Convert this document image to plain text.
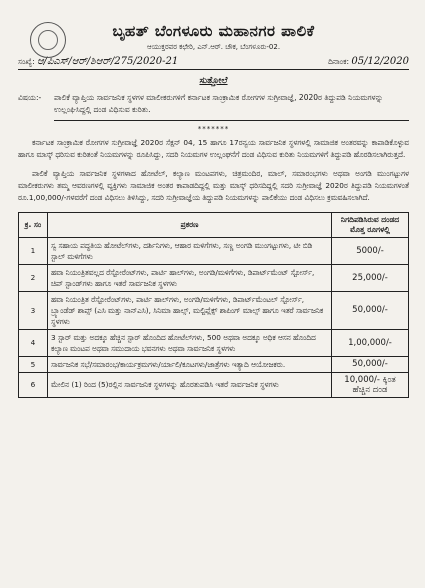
ಬೃಹತ್ ಬೆಂಗಳೂರು ಮಹಾನಗರ ಪಾಲಿಕೆ
ಆಯುಕ್ತರವರ ಕಛೇರಿ, ಎನ್.ಆರ್. ಚೌಕ, ಬೆಂಗಳೂರು-02.
ಸಂಖ್ಯೆ: ಆ/ಪಿಎಸ್/ಆರ್/ಶಿಆರ್/275/2020-21	ದಿನಾಂಕ: 05/12/2020
ಸುತ್ತೋಲೆ
ವಿಷಯ:-	ಪಾಲಿಕೆ ವ್ಯಾಪ್ತಿಯ ಸಾರ್ವಜನಿಕ ಸ್ಥಳಗಳ ಮಾಲೀಕರುಗಳಿಗೆ ಕರ್ನಾಟಕ ಸಾಂಕ್ರಾಮಿಕ ರೋಗಗಳ ಸುಗ್ರೀವಾಜ್ಞೆ, 2020ರ ತಿದ್ದುಪಡಿ ನಿಯಮಗಳನ್ನು ಉಲ್ಲಂಘಿಸಿದ್ದಲ್ಲಿ ದಂಡ ವಿಧಿಸುವ ಕುರಿತು.
*******

ಕರ್ನಾಟಕ ಸಾಂಕ್ರಾಮಿಕ ರೋಗಗಳ ಸುಗ್ರೀವಾಜ್ಞೆ 2020ರ ಸೆಕ್ಷನ್ 04, 15 ಹಾಗೂ 17ರನ್ವಯ ಸಾರ್ವಜನಿಕ ಸ್ಥಳಗಳಲ್ಲಿ ಸಾಮಾಜಿಕ ಅಂತರವನ್ನು ಕಾಪಾಡಿಕೊಳ್ಳುವ ಹಾಗೂ ಮಾಸ್ಕ್ ಧರಿಸುವ ಕುರಿತಂತೆ ನಿಯಮಗಳನ್ನು ರೂಪಿಸಿದ್ದು, ಸದರಿ ನಿಯಮಗಳ ಉಲ್ಲಂಘನೆಗೆ ದಂಡ ವಿಧಿಸುವ ಕುರಿತು ನಿಯಮಗಳಿಗೆ ತಿದ್ದುಪಡಿ ಹೊರಡಿಸಲಾಗಿರುತ್ತದೆ.

ಪಾಲಿಕೆ ವ್ಯಾಪ್ತಿಯ ಸಾರ್ವಜನಿಕ ಸ್ಥಳಗಳಾದ ಹೋಟೆಲ್, ಕಲ್ಯಾಣ ಮಂಟಪಗಳು, ಚಿತ್ರಮಂದಿರ, ಮಾಲ್, ಸಮಾರಂಭಗಳು ಅಥವಾ ಅಂಗಡಿ ಮುಂಗಟ್ಟುಗಳ ಮಾಲೀಕರುಗಳು ತಮ್ಮ ಆವರಣಗಳಲ್ಲಿ ವ್ಯಕ್ತಿಗಳು ಸಾಮಾಜಿಕ ಅಂತರ ಕಾಪಾಡದಿದ್ದಲ್ಲಿ ಮತ್ತು ಮಾಸ್ಕ್ ಧರಿಸದಿದ್ದಲ್ಲಿ ಸದರಿ ಸುಗ್ರೀವಾಜ್ಞೆ 2020ರ ತಿದ್ದುಪಡಿ ನಿಯಮಗಳಂತೆ ರೂ.1,00,000/-ಗಳವರೆಗೆ ದಂಡ ವಿಧಿಸಲು ತಿಳಿಸಿದ್ದು, ಸದರಿ ಸುಗ್ರೀವಾಜ್ಞೆಯ ತಿದ್ದುಪಡಿ ನಿಯಮಗಳನ್ನು ಪಾಲಿಕೆಯು ದಂಡ ವಿಧಿಸಲು ಕ್ರಮವಹಿಸಲಾಗಿದೆ.

ಕ್ರ. ಸಂ	ಪ್ರಕರಣ	ನಿಗದಿಪಡಿಸಿರುವ ದಂಡದ ಮೊತ್ತ ರೂಗಳಲ್ಲಿ
1	ಸ್ವ ಸಹಾಯ ಪದ್ಧತಿಯ ಹೋಟೆಲ್‌ಗಳು, ದರ್ಶಿನಿಗಳು, ಆಹಾರ ಮಳಿಗೆಗಳು, ಸಣ್ಣ ಅಂಗಡಿ ಮುಂಗಟ್ಟುಗಳು, ಟೀ ಬಿಡಿ ಸ್ಟಾಲ್ ಮಳಿಗೆಗಳು	5000/-
2	ಹವಾ ನಿಯಂತ್ರಿತವಲ್ಲದ ರೆಸ್ಟೋರೆಂಟ್‌ಗಳು, ಪಾರ್ಟಿ ಹಾಲ್‌ಗಳು, ಅಂಗಡಿ/ಮಳಿಗೆಗಳು, ಡಿಪಾರ್ಟ್‌ಮೆಂಟ್ ಸ್ಟೋರ್ಸ್, ಚಿಪ್ ಸ್ಟಾಂಡ್‌ಗಳು ಹಾಗೂ ಇತರೆ ಸಾರ್ವಜನಿಕ ಸ್ಥಳಗಳು	25,000/-
3	ಹವಾ ನಿಯಂತ್ರಿತ ರೆಸ್ಟೋರೆಂಟ್‌ಗಳು, ಪಾರ್ಟಿ ಹಾಲ್‌ಗಳು, ಅಂಗಡಿ/ಮಳಿಗೆಗಳು, ಡಿಪಾರ್ಟ್‌ಮೆಂಟಲ್ ಸ್ಟೋರ್ಸ್, ಬ್ರ್ಯಾಂಡೆಡ್ ಶಾಪ್ಸ್ (ಎಸಿ ಮತ್ತು ನಾನ್‌ಎಸಿ), ಸಿನಿಮಾ ಹಾಲ್ಸ್, ಮಲ್ಟಿಪ್ಲೆಕ್ಸ್ ಶಾಪಿಂಗ್ ಮಾಲ್ಸ್ ಹಾಗೂ ಇತರೆ ಸಾರ್ವಜನಿಕ ಸ್ಥಳಗಳು	50,000/-
4	3 ಸ್ಟಾರ್ ಮತ್ತು ಅದಕ್ಕೂ ಹೆಚ್ಚಿನ ಸ್ಟಾರ್ ಹೊಂದಿದ ಹೋಟೆಲ್‌ಗಳು, 500 ಅಥವಾ ಅದಕ್ಕೂ ಅಧಿಕ ಆಸನ ಹೊಂದಿದ ಕಲ್ಯಾಣ ಮಂಟಪ ಅಥವಾ ಸಮುದಾಯ ಭವನಗಳು ಅಥವಾ ಸಾರ್ವಜನಿಕ ಸ್ಥಳಗಳು	1,00,000/-
5	ಸಾರ್ವಜನಿಕ ಸಭೆ/ಸಮಾರಂಭ/ಕಾರ್ಯಕ್ರಮಗಳು/ರ್ಯಾಲಿ/ಕೂಟಗಳು/ಜಾತ್ರೆಗಳು ಇತ್ಯಾದಿ ಆಯೋಜಕರು.	50,000/-
6	ಮೇಲಿನ (1) ರಿಂದ (5)ರಲ್ಲಿನ ಸಾರ್ವಜನಿಕ ಸ್ಥಳಗಳನ್ನು ಹೊರತುಪಡಿಸಿ ಇತರೆ ಸಾರ್ವಜನಿಕ ಸ್ಥಳಗಳು	10,000/- ಕ್ಕಿಂತ ಹೆಚ್ಚಿನ ದಂಡ
